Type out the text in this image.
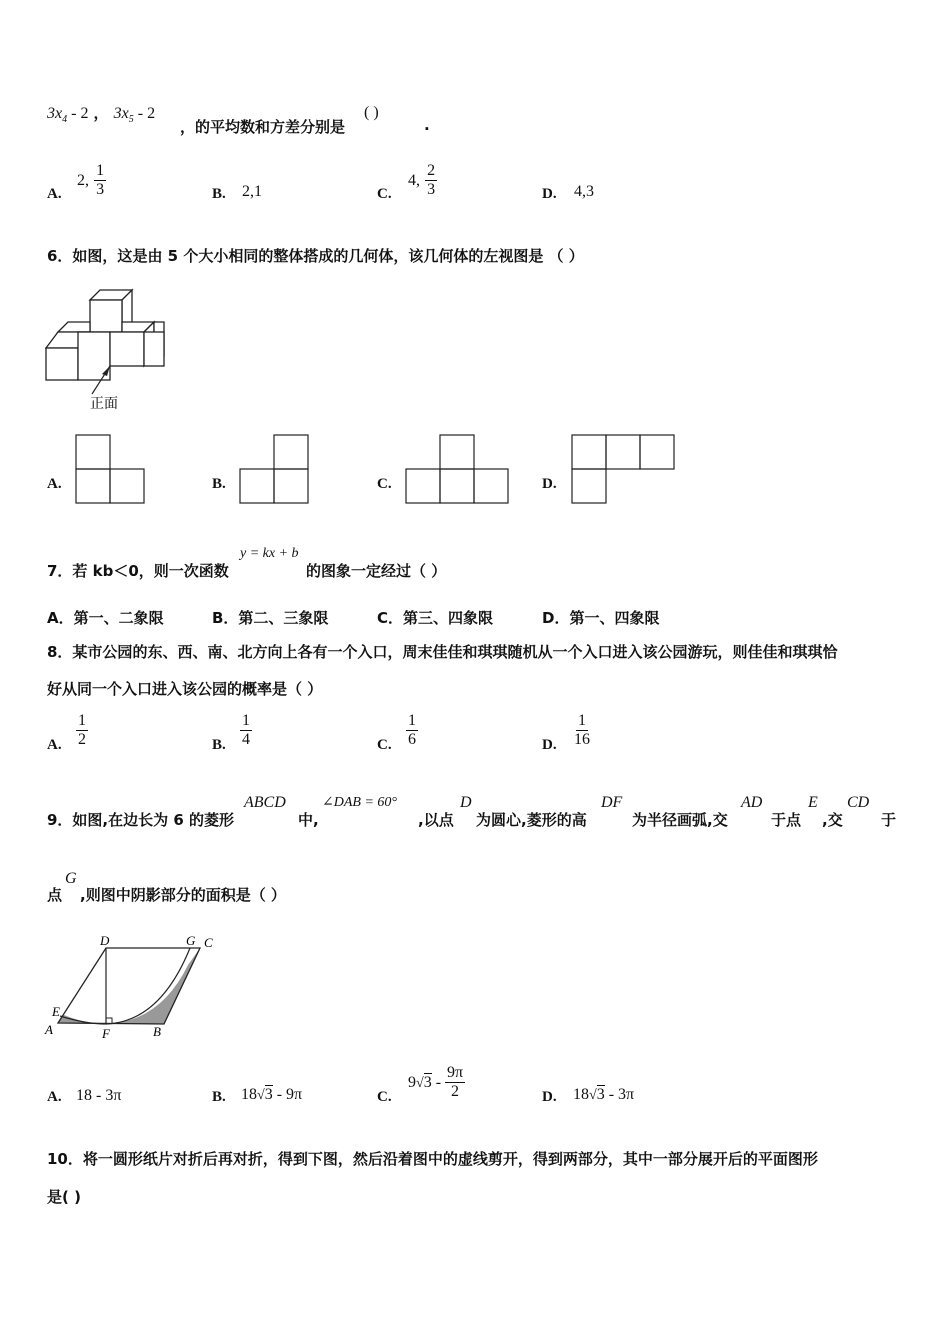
$3x_4 - 2$ ， $3x_5 - 2$
，的平均数和方差分别是
( )
.
A.
2, $\frac{1}{3}$	B. 2,1	C.
4, $\frac{2}{3}$	D. 4,3
6．如图，这是由 5 个大小相同的整体搭成的几何体，该几何体的左视图是 （ ）
正面
A.	B.	C.	D.
7．若 kb＜0，则一次函数
y = kx + b
的图象一定经过（ ）
A．第一、二象限	B．第二、三象限	C．第三、四象限	D．第一、四象限
8．某市公园的东、西、南、北方向上各有一个入口，周末佳佳和琪琪随机从一个入口进入该公园游玩，则佳佳和琪琪恰
好从同一个入口进入该公园的概率是（ ）
A. $\frac{1}{2}$	B. $\frac{1}{4}$	C. $\frac{1}{6}$	D. $\frac{1}{16}$
9．如图,在边长为 6 的菱形
ABCD
中,
∠DAB = 60°
,以点
D
为圆心,菱形的高
DF
为半径画弧,交
AD
于点
E
,交
CD
于
点
G
,则图中阴影部分的面积是（ ）
D	G C
E
A	F	B
A. 18 - 3π	B. 18√3 - 9π	C.
$9√3 - \frac{9\pi}{2}$	D. 18√3 - 3π
10．将一圆形纸片对折后再对折，得到下图，然后沿着图中的虚线剪开，得到两部分，其中一部分展开后的平面图形
是( )
